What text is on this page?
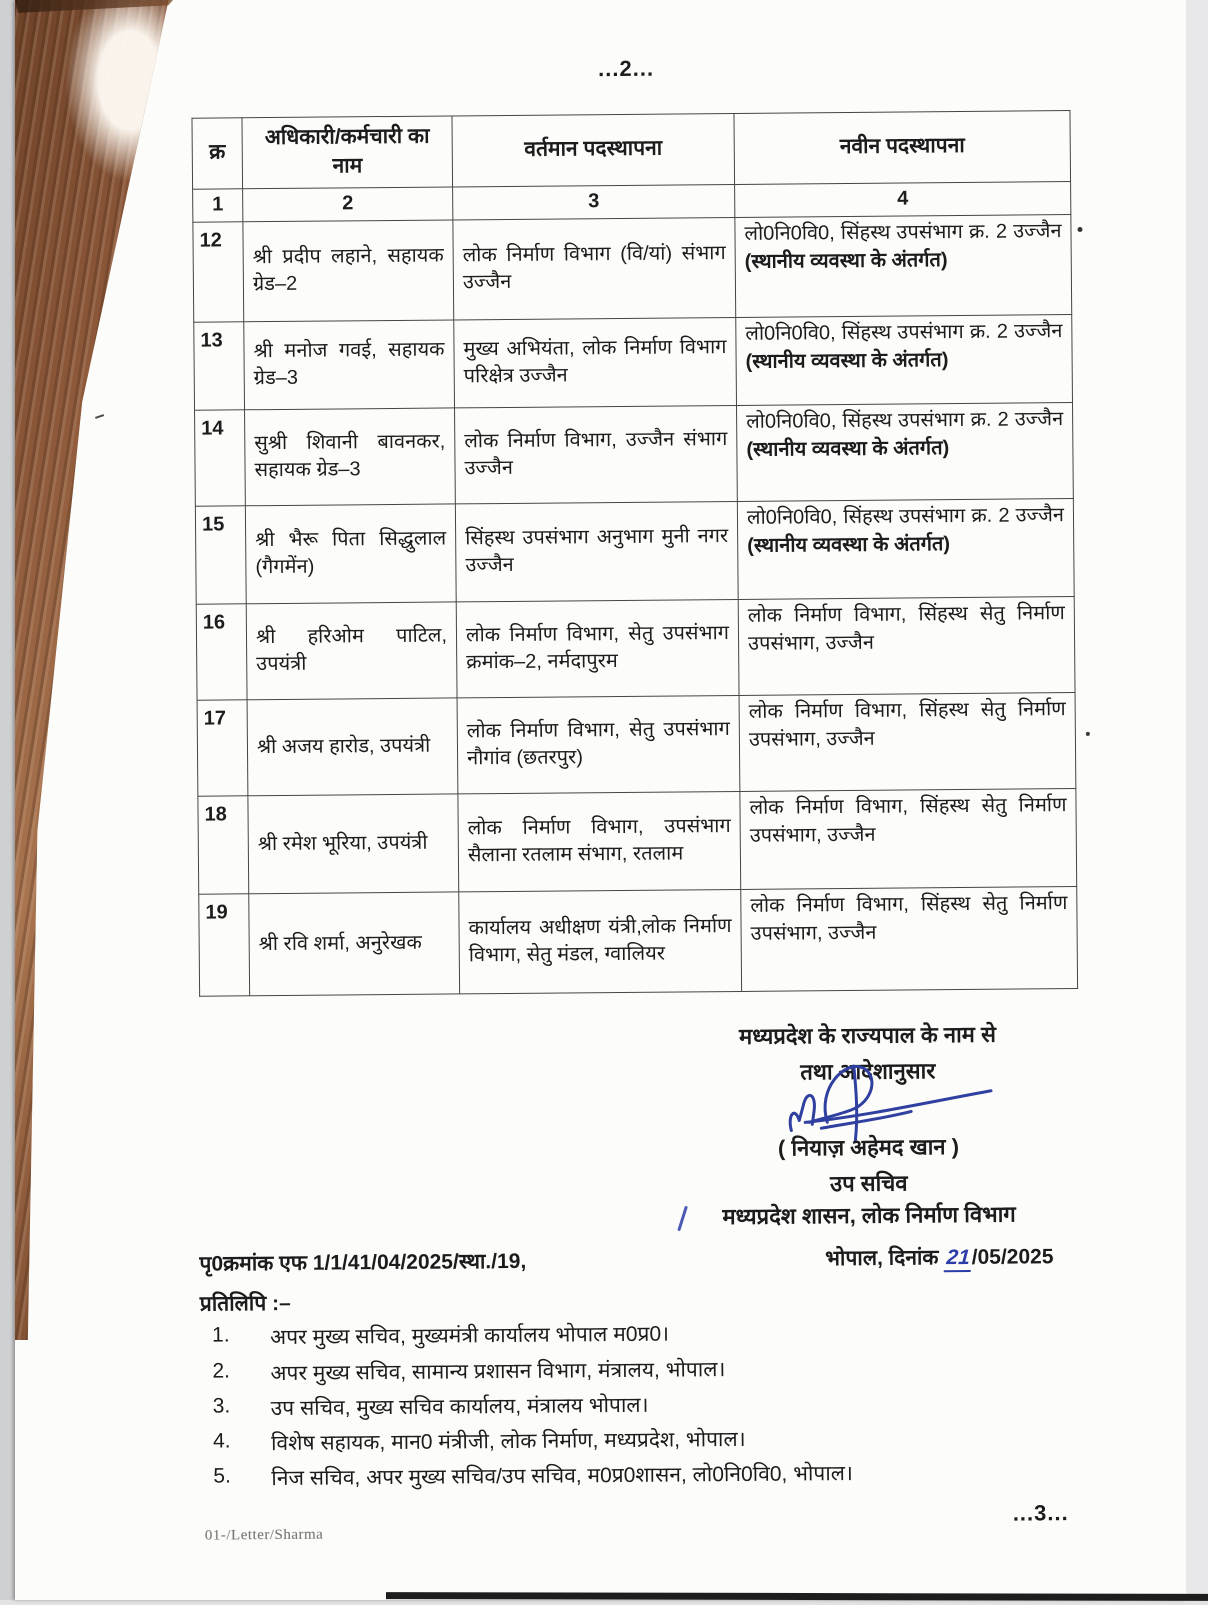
...2...
क्र	अधिकारी/कर्मचारी का नाम	वर्तमान पदस्थापना	नवीन पदस्थापना
1	2	3	4
12	श्री प्रदीप लहाने, सहायक ग्रेड–2	लोक निर्माण विभाग (वि/यां) संभाग उज्जैन	लो0नि0वि0, सिंहस्थ उपसंभाग क्र. 2 उज्जैन (स्थानीय व्यवस्था के अंतर्गत)
13	श्री मनोज गवई, सहायक ग्रेड–3	मुख्य अभियंता, लोक निर्माण विभाग परिक्षेत्र उज्जैन	लो0नि0वि0, सिंहस्थ उपसंभाग क्र. 2 उज्जैन (स्थानीय व्यवस्था के अंतर्गत)
14	सुश्री शिवानी बावनकर, सहायक ग्रेड–3	लोक निर्माण विभाग, उज्जैन संभाग उज्जैन	लो0नि0वि0, सिंहस्थ उपसंभाग क्र. 2 उज्जैन (स्थानीय व्यवस्था के अंतर्गत)
15	श्री भैरू पिता सिद्धुलाल (गैगमेंन)	सिंहस्थ उपसंभाग अनुभाग मुनी नगर उज्जैन	लो0नि0वि0, सिंहस्थ उपसंभाग क्र. 2 उज्जैन (स्थानीय व्यवस्था के अंतर्गत)
16	श्री हरिओम पाटिल, उपयंत्री	लोक निर्माण विभाग, सेतु उपसंभाग क्रमांक–2, नर्मदापुरम	लोक निर्माण विभाग, सिंहस्थ सेतु निर्माण उपसंभाग, उज्जैन
17	श्री अजय हारोड, उपयंत्री	लोक निर्माण विभाग, सेतु उपसंभाग नौगांव (छतरपुर)	लोक निर्माण विभाग, सिंहस्थ सेतु निर्माण उपसंभाग, उज्जैन
18	श्री रमेश भूरिया, उपयंत्री	लोक निर्माण विभाग, उपसंभाग सैलाना रतलाम संभाग, रतलाम	लोक निर्माण विभाग, सिंहस्थ सेतु निर्माण उपसंभाग, उज्जैन
19	श्री रवि शर्मा, अनुरेखक	कार्यालय अधीक्षण यंत्री,लोक निर्माण विभाग, सेतु मंडल, ग्वालियर	लोक निर्माण विभाग, सिंहस्थ सेतु निर्माण उपसंभाग, उज्जैन
मध्यप्रदेश के राज्यपाल के नाम से
तथा आदेशानुसार
( नियाज़ अहेमद खान )
उप सचिव
मध्यप्रदेश शासन, लोक निर्माण विभाग
पृ0क्रमांक एफ 1/1/41/04/2025/स्था./19,	भोपाल, दिनांक 21/05/2025
प्रतिलिपि :–
1.	अपर मुख्य सचिव, मुख्यमंत्री कार्यालय भोपाल म0प्र0।
2.	अपर मुख्य सचिव, सामान्य प्रशासन विभाग, मंत्रालय, भोपाल।
3.	उप सचिव, मुख्य सचिव कार्यालय, मंत्रालय भोपाल।
4.	विशेष सहायक, मान0 मंत्रीजी, लोक निर्माण, मध्यप्रदेश, भोपाल।
5.	निज सचिव, अपर मुख्य सचिव/उप सचिव, म0प्र0शासन, लो0नि0वि0, भोपाल।
...3...
01-/Letter/Sharma
